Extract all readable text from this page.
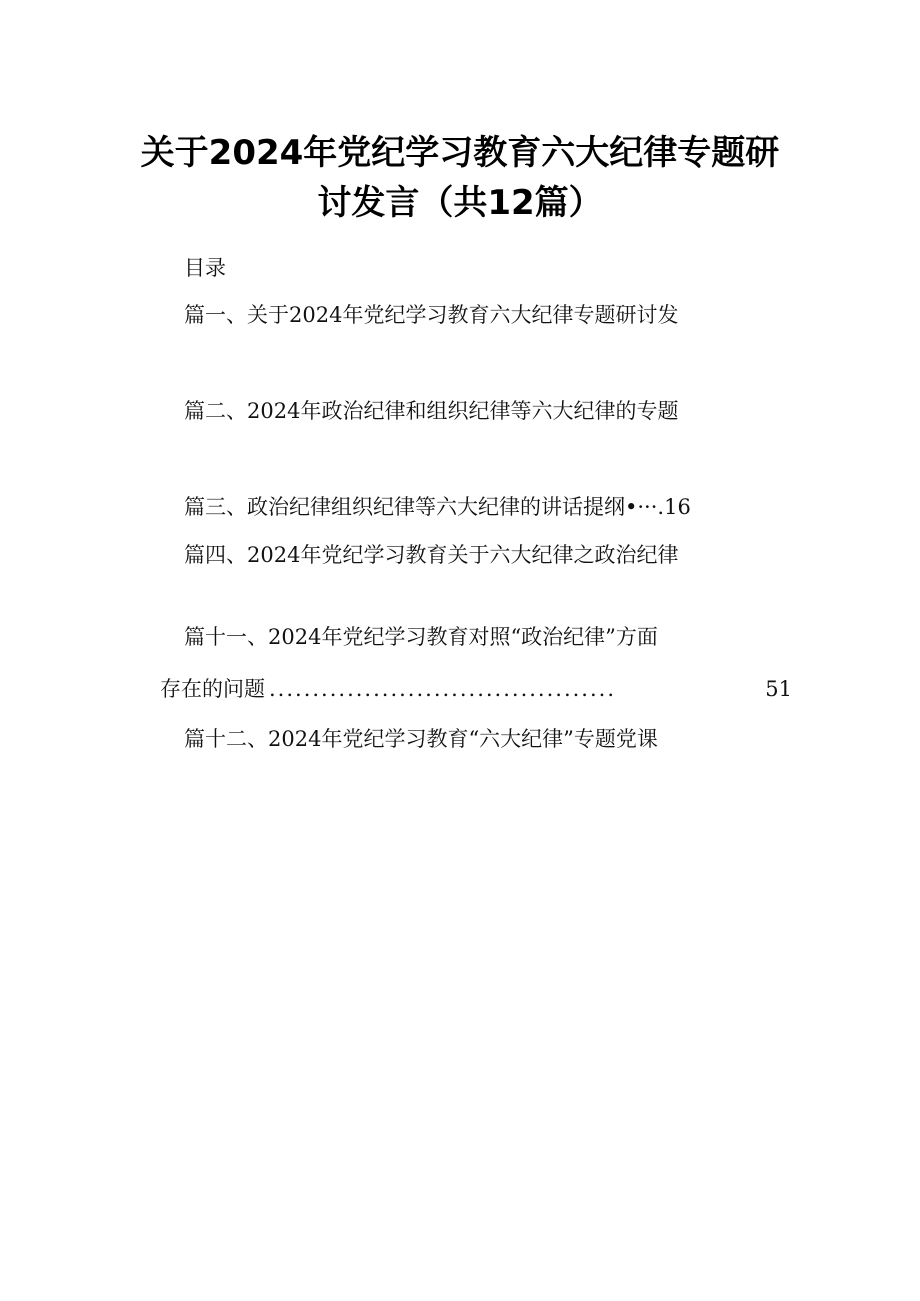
关于2024年党纪学习教育六大纪律专题研
讨发言（共12篇）
目录
篇一、关于2024年党纪学习教育六大纪律专题研讨发
篇二、2024年政治纪律和组织纪律等六大纪律的专题
篇三、政治纪律组织纪律等六大纪律的讲话提纲•···.16
篇四、2024年党纪学习教育关于六大纪律之政治纪律
篇十一、2024年党纪学习教育对照“政治纪律”方面
存在的问题 ........................................	51
篇十二、2024年党纪学习教育“六大纪律”专题党课
